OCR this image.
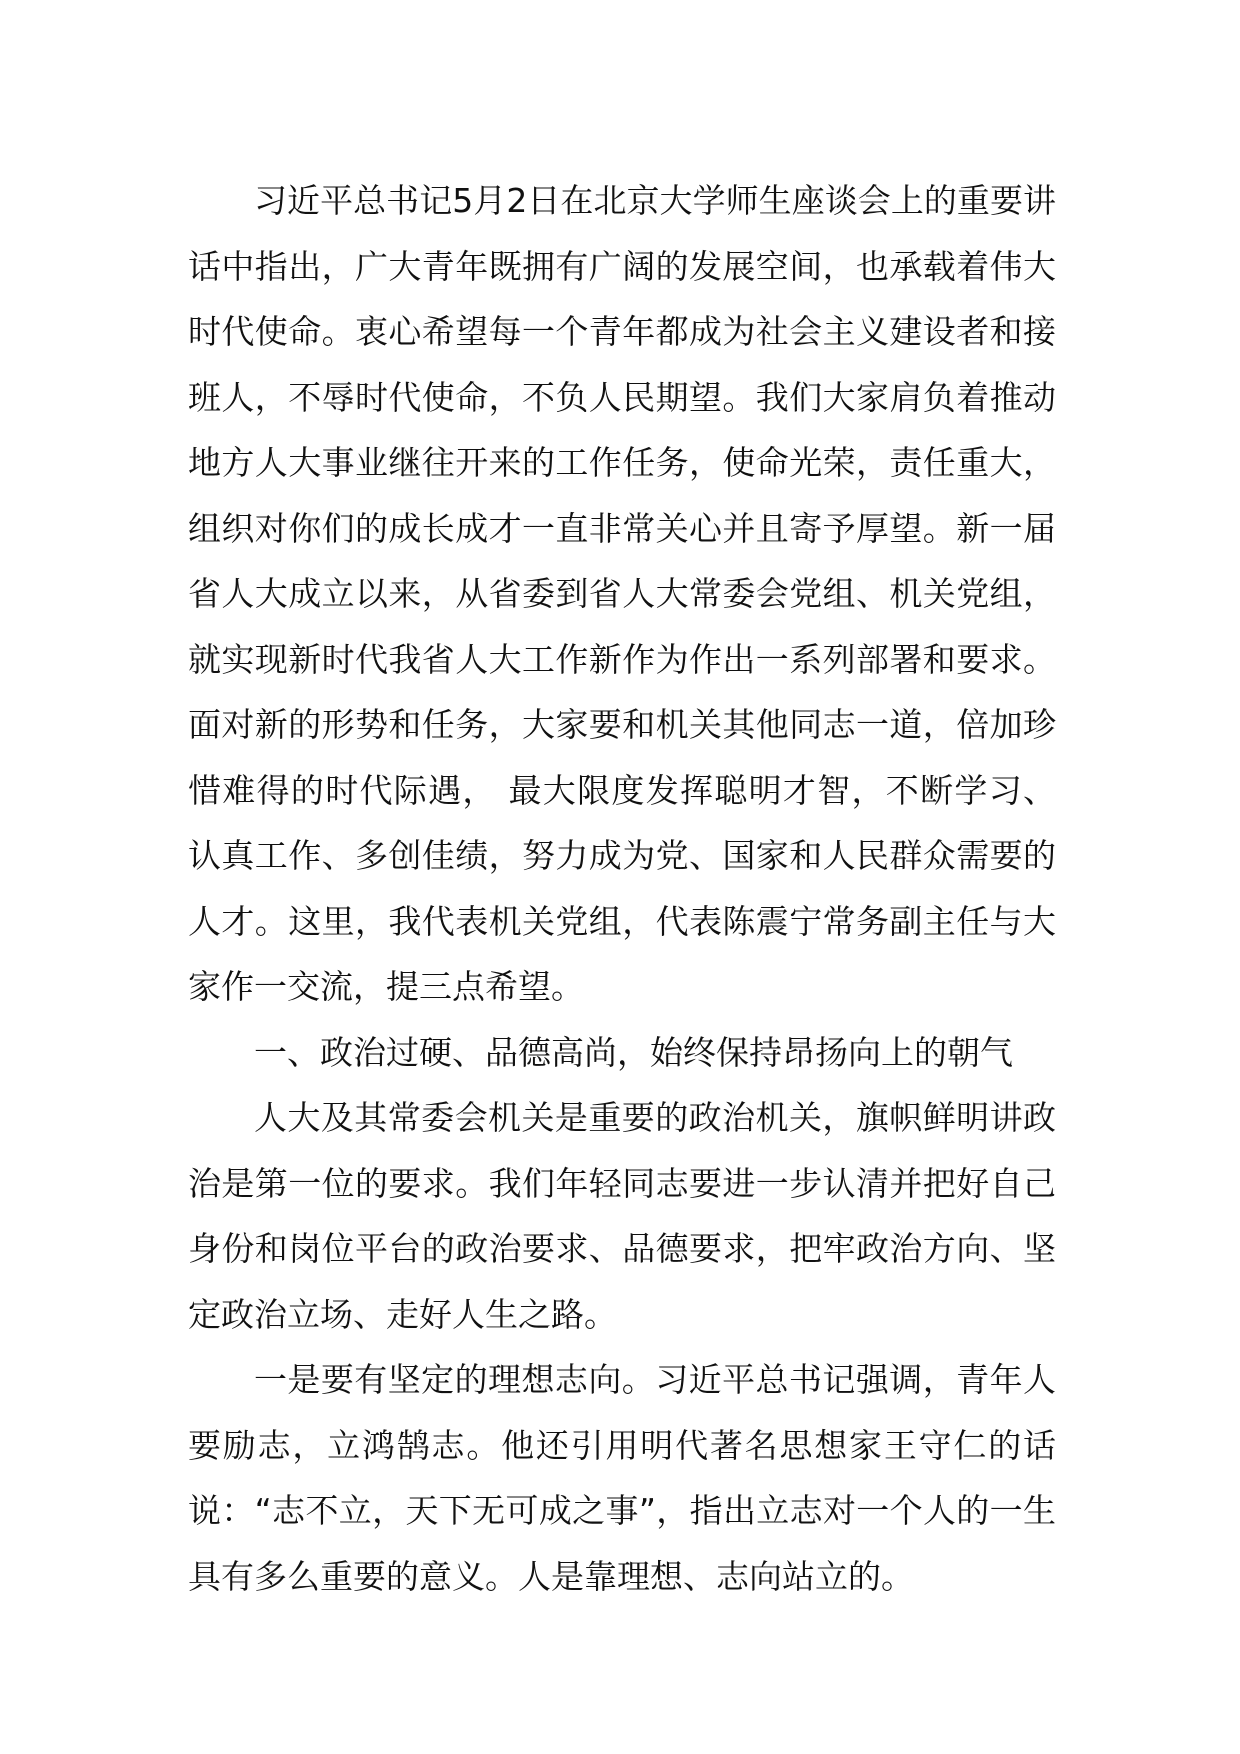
习近平总书记5月2日在北京大学师生座谈会上的重要讲话中指出，广大青年既拥有广阔的发展空间，也承载着伟大时代使命。衷心希望每一个青年都成为社会主义建设者和接班人，不辱时代使命，不负人民期望。我们大家肩负着推动地方人大事业继往开来的工作任务，使命光荣，责任重大，组织对你们的成长成才一直非常关心并且寄予厚望。新一届省人大成立以来，从省委到省人大常委会党组、机关党组，就实现新时代我省人大工作新作为作出一系列部署和要求。面对新的形势和任务，大家要和机关其他同志一道，倍加珍惜难得的时代际遇， 最大限度发挥聪明才智，不断学习、认真工作、多创佳绩，努力成为党、国家和人民群众需要的人才。这里，我代表机关党组，代表陈震宁常务副主任与大家作一交流，提三点希望。

一、政治过硬、品德高尚，始终保持昂扬向上的朝气

人大及其常委会机关是重要的政治机关，旗帜鲜明讲政治是第一位的要求。我们年轻同志要进一步认清并把好自己身份和岗位平台的政治要求、品德要求，把牢政治方向、坚定政治立场、走好人生之路。

一是要有坚定的理想志向。习近平总书记强调，青年人要励志，立鸿鹄志。他还引用明代著名思想家王守仁的话说：“志不立，天下无可成之事”，指出立志对一个人的一生具有多么重要的意义。人是靠理想、志向站立的。
